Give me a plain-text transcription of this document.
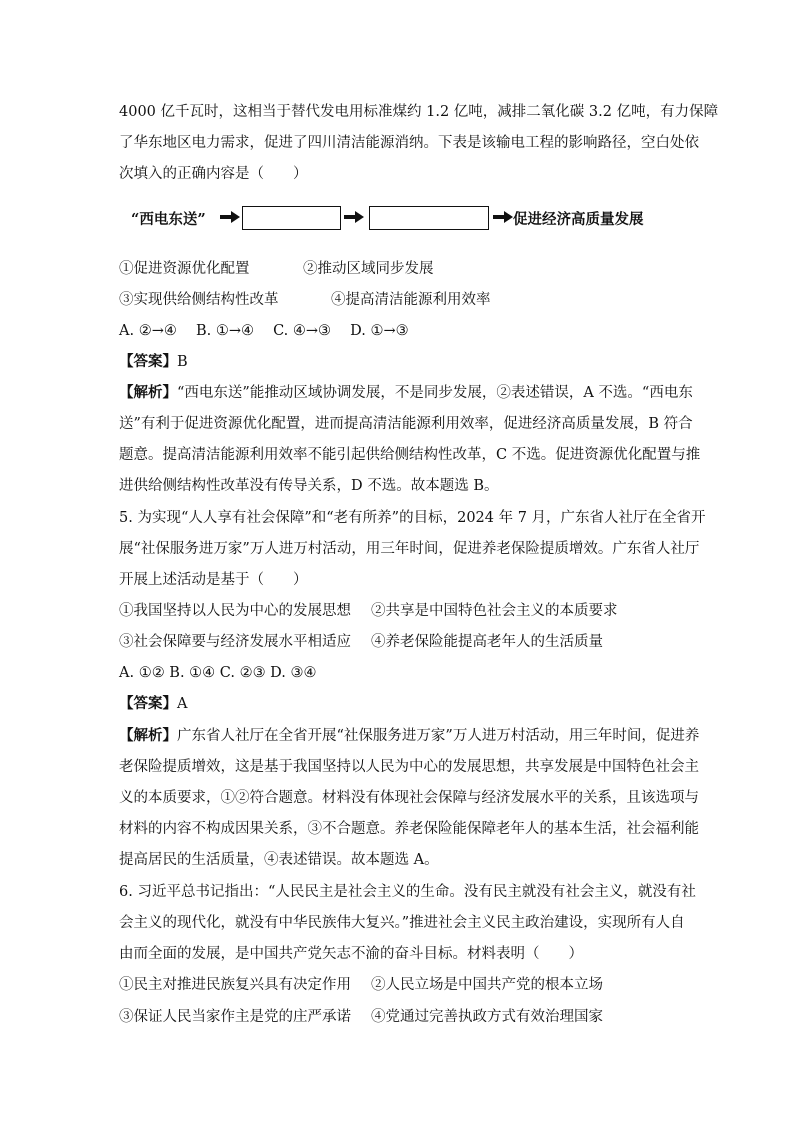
4000 亿千瓦时，这相当于替代发电用标准煤约 1.2 亿吨，减排二氧化碳 3.2 亿吨，有力保障
了华东地区电力需求，促进了四川清洁能源消纳。下表是该输电工程的影响路径，空白处依
次填入的正确内容是（　　）
“西电东送”	促进经济高质量发展
①促进资源优化配置	②推动区域同步发展
③实现供给侧结构性改革	④提高清洁能源利用效率
A. ②→④　 B. ①→④　 C. ④→③　 D. ①→③
【答案】B
【解析】“西电东送”能推动区域协调发展，不是同步发展，②表述错误，A 不选。“西电东
送”有利于促进资源优化配置，进而提高清洁能源利用效率，促进经济高质量发展，B 符合
题意。提高清洁能源利用效率不能引起供给侧结构性改革，C 不选。促进资源优化配置与推
进供给侧结构性改革没有传导关系，D 不选。故本题选 B。
5. 为实现“人人享有社会保障”和“老有所养”的目标，2024 年 7 月，广东省人社厅在全省开
展“社保服务进万家”万人进万村活动，用三年时间，促进养老保险提质增效。广东省人社厅
开展上述活动是基于（　　）
①我国坚持以人民为中心的发展思想 ②共享是中国特色社会主义的本质要求
③社会保障要与经济发展水平相适应 ④养老保险能提高老年人的生活质量
A. ①② B. ①④ C. ②③ D. ③④
【答案】A
【解析】广东省人社厅在全省开展“社保服务进万家”万人进万村活动，用三年时间，促进养
老保险提质增效，这是基于我国坚持以人民为中心的发展思想，共享发展是中国特色社会主
义的本质要求，①②符合题意。材料没有体现社会保障与经济发展水平的关系，且该选项与
材料的内容不构成因果关系，③不合题意。养老保险能保障老年人的基本生活，社会福利能
提高居民的生活质量，④表述错误。故本题选 A。
6. 习近平总书记指出：“人民民主是社会主义的生命。没有民主就没有社会主义，就没有社
会主义的现代化，就没有中华民族伟大复兴。”推进社会主义民主政治建设，实现所有人自
由而全面的发展，是中国共产党矢志不渝的奋斗目标。材料表明（　　）
①民主对推进民族复兴具有决定作用 ②人民立场是中国共产党的根本立场
③保证人民当家作主是党的庄严承诺 ④党通过完善执政方式有效治理国家
